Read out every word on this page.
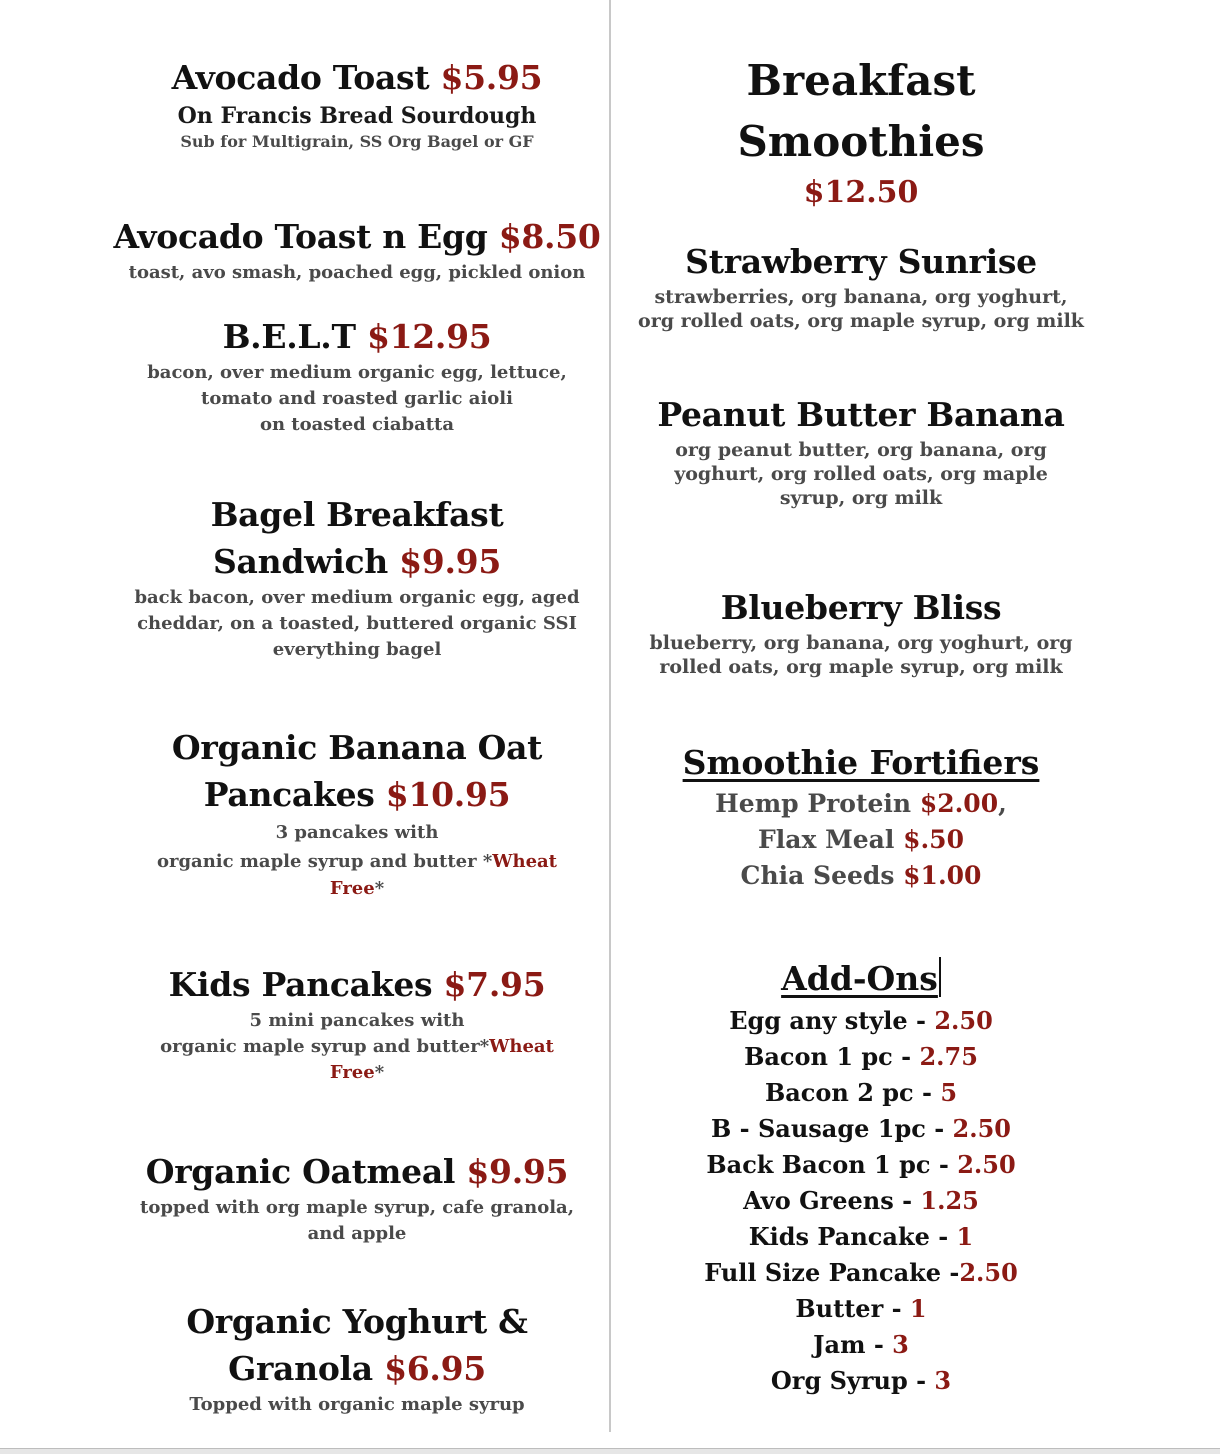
Avocado Toast $5.95
On Francis Bread Sourdough
Sub for Multigrain, SS Org Bagel or GF
Avocado Toast n Egg $8.50
toast, avo smash, poached egg, pickled onion
B.E.L.T $12.95
bacon, over medium organic egg, lettuce,
tomato and roasted garlic aioli
on toasted ciabatta
Bagel Breakfast
Sandwich $9.95
back bacon, over medium organic egg, aged
cheddar, on a toasted, buttered organic SSI
everything bagel
Organic Banana Oat
Pancakes $10.95
3 pancakes with
organic maple syrup and butter *Wheat
Free*
Kids Pancakes $7.95
5 mini pancakes with
organic maple syrup and butter*Wheat
Free*
Organic Oatmeal $9.95
topped with org maple syrup, cafe granola,
and apple
Organic Yoghurt &
Granola $6.95
Topped with organic maple syrup
Breakfast
Smoothies
$12.50
Strawberry Sunrise
strawberries, org banana, org yoghurt,
org rolled oats, org maple syrup, org milk
Peanut Butter Banana
org peanut butter, org banana, org
yoghurt, org rolled oats, org maple
syrup, org milk
Blueberry Bliss
blueberry, org banana, org yoghurt, org
rolled oats, org maple syrup, org milk
Smoothie Fortifiers
Hemp Protein $2.00,
Flax Meal $.50
Chia Seeds $1.00
Add-Ons
Egg any style - 2.50
Bacon 1 pc - 2.75
Bacon 2 pc - 5
B - Sausage 1pc - 2.50
Back Bacon 1 pc - 2.50
Avo Greens - 1.25
Kids Pancake - 1
Full Size Pancake -2.50
Butter - 1
Jam - 3
Org Syrup - 3
